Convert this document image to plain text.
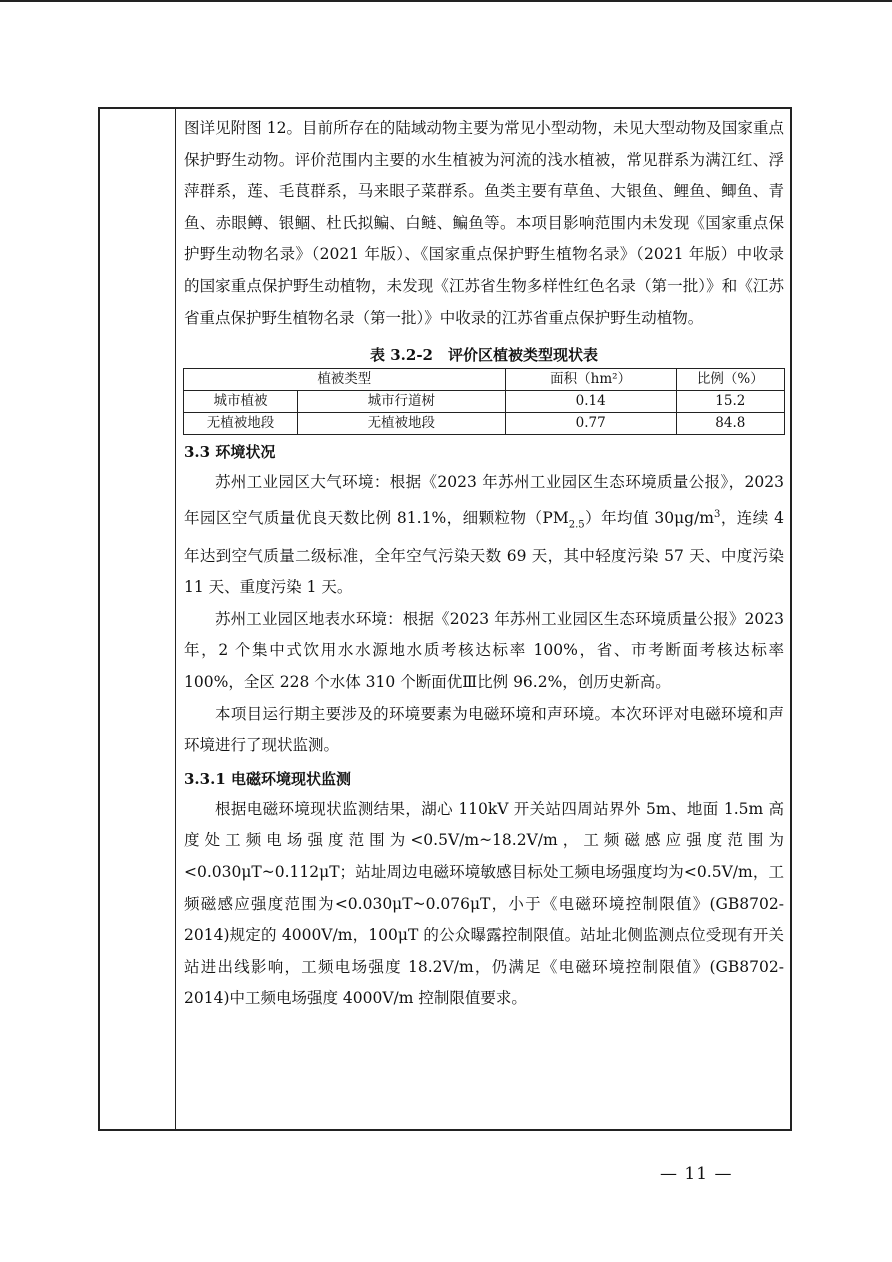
图详见附图 12。目前所存在的陆域动物主要为常见小型动物，未见大型动物及国家重点保护野生动物。评价范围内主要的水生植被为河流的浅水植被，常见群系为满江红、浮萍群系，莲、毛茛群系，马来眼子菜群系。鱼类主要有草鱼、大银鱼、鲤鱼、鲫鱼、青鱼、赤眼鳟、银鲴、杜氏拟鳊、白鲢、鳊鱼等。本项目影响范围内未发现《国家重点保护野生动物名录》（2021 年版）、《国家重点保护野生植物名录》（2021 年版）中收录的国家重点保护野生动植物，未发现《江苏省生物多样性红色名录（第一批）》和《江苏省重点保护野生植物名录（第一批）》中收录的江苏省重点保护野生动植物。

表 3.2-2　评价区植被类型现状表
植被类型		面积（hm²）	比例（%）
城市植被	城市行道树	0.14	15.2
无植被地段	无植被地段	0.77	84.8
3.3 环境状况

苏州工业园区大气环境：根据《2023 年苏州工业园区生态环境质量公报》，2023 年园区空气质量优良天数比例 81.1%，细颗粒物$(PM_{2.5})$年均值 $30\mu g/m^3$，连续 4 年达到空气质量二级标准，全年空气污染天数 69 天，其中轻度污染 57 天、中度污染 11 天、重度污染 1 天。

苏州工业园区地表水环境：根据《2023 年苏州工业园区生态环境质量公报》2023 年，2 个集中式饮用水水源地水质考核达标率 100%，省、市考断面考核达标率 100%，全区 228 个水体 310 个断面优Ⅲ比例 96.2%，创历史新高。

本项目运行期主要涉及的环境要素为电磁环境和声环境。本次环评对电磁环境和声环境进行了现状监测。

3.3.1 电磁环境现状监测

根据电磁环境现状监测结果，湖心 110kV 开关站四周站界外 5m、地面 1.5m 高度处工频电场强度范围为<0.5V/m~18.2V/m，工频磁感应强度范围为<0.030μT~0.112μT；站址周边电磁环境敏感目标处工频电场强度均为<0.5V/m，工频磁感应强度范围为<0.030μT~0.076μT，小于《电磁环境控制限值》(GB8702-2014)规定的 4000V/m，100μT 的公众曝露控制限值。站址北侧监测点位受现有开关站进出线影响，工频电场强度 18.2V/m，仍满足《电磁环境控制限值》(GB8702-2014)中工频电场强度 4000V/m 控制限值要求。

— 11 —
